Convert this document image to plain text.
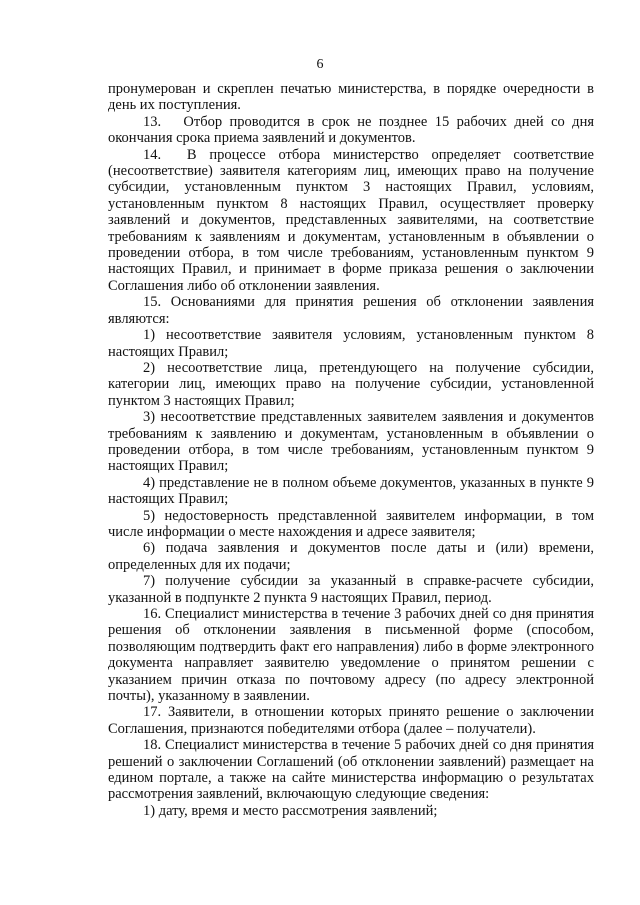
6

пронумерован и скреплен печатью министерства, в порядке очередности в день их поступления.

13.   Отбор проводится в срок не позднее 15 рабочих дней со дня окончания срока приема заявлений и документов.

14.  В процессе отбора министерство определяет соответствие (несоответствие) заявителя категориям лиц, имеющих право на получение субсидии, установленным пунктом 3 настоящих Правил, условиям, установленным пунктом 8 настоящих Правил, осуществляет проверку заявлений и документов, представленных заявителями, на соответствие требованиям к заявлениям и документам, установленным в объявлении о проведении отбора, в том числе требованиям, установленным пунктом 9 настоящих Правил, и принимает в форме приказа решения о заключении Соглашения либо об отклонении заявления.

15. Основаниями для принятия решения об отклонении заявления являются:

1) несоответствие заявителя условиям, установленным пунктом 8 настоящих Правил;

2) несоответствие лица, претендующего на получение субсидии, категории лиц, имеющих право на получение субсидии, установленной пунктом 3 настоящих Правил;

3) несоответствие представленных заявителем заявления и документов требованиям к заявлению и документам, установленным в объявлении о проведении отбора, в том числе требованиям, установленным пунктом 9 настоящих Правил;

4) представление не в полном объеме документов, указанных в пункте 9 настоящих Правил;

5) недостоверность представленной заявителем информации, в том числе информации о месте нахождения и адресе заявителя;

6) подача заявления и документов после даты и (или) времени, определенных для их подачи;

7) получение субсидии за указанный в справке-расчете субсидии, указанной в подпункте 2 пункта 9 настоящих Правил, период.

16. Специалист министерства в течение 3 рабочих дней со дня принятия решения об отклонении заявления в письменной форме (способом, позволяющим подтвердить факт его направления) либо в форме электронного документа направляет заявителю уведомление о принятом решении с указанием причин отказа по почтовому адресу (по адресу электронной почты), указанному в заявлении.

17. Заявители, в отношении которых принято решение о заключении Соглашения, признаются победителями отбора (далее – получатели).

18. Специалист министерства в течение 5 рабочих дней со дня принятия решений о заключении Соглашений (об отклонении заявлений) размещает на едином портале, а также на сайте министерства информацию о результатах рассмотрения заявлений, включающую следующие сведения:

1) дату, время и место рассмотрения заявлений;
